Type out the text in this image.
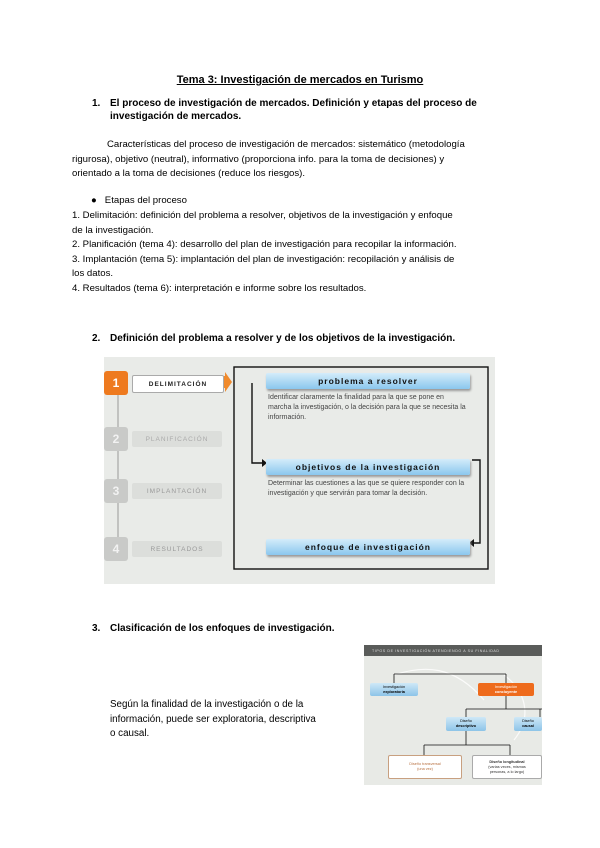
Tema 3: Investigación de mercados en Turismo
1. El proceso de investigación de mercados. Definición y etapas del proceso de
investigación de mercados.
Características del proceso de investigación de mercados: sistemático (metodología
rigurosa), objetivo (neutral), informativo (proporciona info. para la toma de decisiones) y
orientado a la toma de decisiones (reduce los riesgos).
● Etapas del proceso
1. Delimitación: definición del problema a resolver, objetivos de la investigación y enfoque
de la investigación.
2. Planificación (tema 4): desarrollo del plan de investigación para recopilar la información.
3. Implantación (tema 5): implantación del plan de investigación: recopilación y análisis de
los datos.
4. Resultados (tema 6): interpretación e informe sobre los resultados.
2. Definición del problema a resolver y de los objetivos de la investigación.
1	DELIMITACIÓN
2	PLANIFICACIÓN
3	IMPLANTACIÓN
4	RESULTADOS
problema a resolver
Identificar claramente la finalidad para la que se pone en marcha la investigación, o la decisión para la que se necesita la información.
objetivos de la investigación
Determinar las cuestiones a las que se quiere responder con la investigación y que servirán para tomar la decisión.
enfoque de investigación
3. Clasificación de los enfoques de investigación.
Según la finalidad de la investigación o de la
información, puede ser exploratoria, descriptiva
o causal.
TIPOS DE INVESTIGACIÓN ATENDIENDO A SU FINALIDAD
Investigación
exploratoria
Investigación
concluyente
Diseño
descriptivo
Diseño
causal
Diseño transversal
(una vez)
Diseño longitudinal
(varias veces, mismas
personas, a lo largo)
